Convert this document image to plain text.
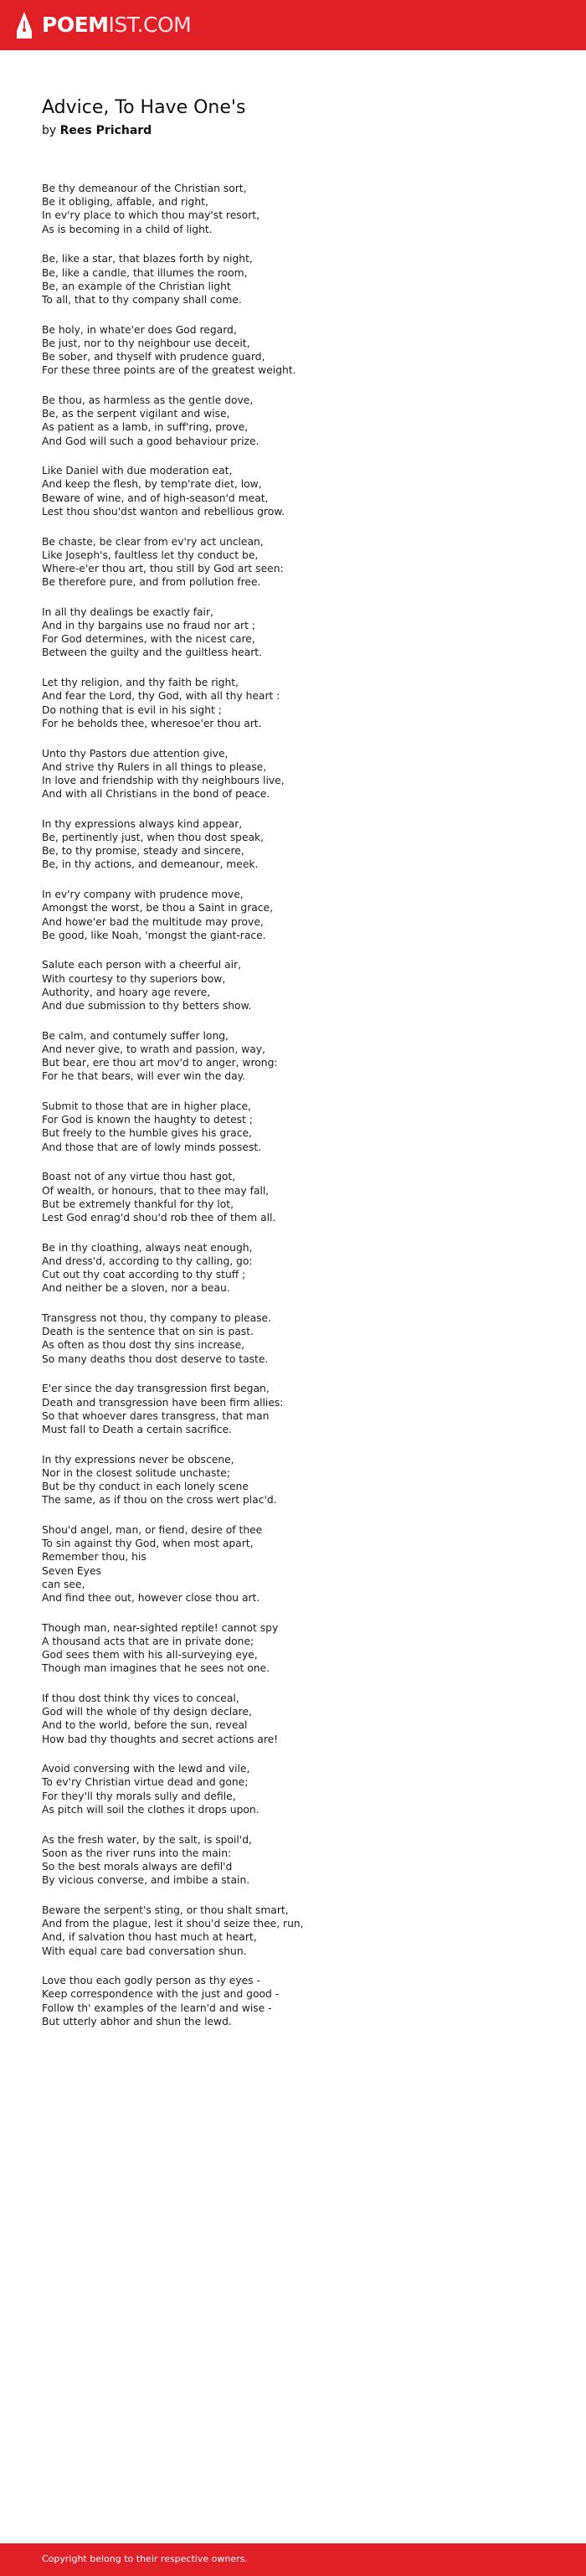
POEMIST.COM
Advice, To Have One's
by Rees Prichard
Be thy demeanour of the Christian sort,
Be it obliging, affable, and right,
In ev'ry place to which thou may'st resort,
As is becoming in a child of light.
Be, like a star, that blazes forth by night,
Be, like a candle, that illumes the room,
Be, an example of the Christian light
To all, that to thy company shall come.
Be holy, in whate'er does God regard,
Be just, nor to thy neighbour use deceit,
Be sober, and thyself with prudence guard,
For these three points are of the greatest weight.
Be thou, as harmless as the gentle dove,
Be, as the serpent vigilant and wise,
As patient as a lamb, in suff'ring, prove,
And God will such a good behaviour prize.
Like Daniel with due moderation eat,
And keep the flesh, by temp'rate diet, low,
Beware of wine, and of high-season'd meat,
Lest thou shou'dst wanton and rebellious grow.
Be chaste, be clear from ev'ry act unclean,
Like Joseph's, faultless let thy conduct be,
Where-e'er thou art, thou still by God art seen:
Be therefore pure, and from pollution free.
In all thy dealings be exactly fair,
And in thy bargains use no fraud nor art ;
For God determines, with the nicest care,
Between the guilty and the guiltless heart.
Let thy religion, and thy faith be right,
And fear the Lord, thy God, with all thy heart :
Do nothing that is evil in his sight ;
For he beholds thee, wheresoe'er thou art.
Unto thy Pastors due attention give,
And strive thy Rulers in all things to please,
In love and friendship with thy neighbours live,
And with all Christians in the bond of peace.
In thy expressions always kind appear,
Be, pertinently just, when thou dost speak,
Be, to thy promise, steady and sincere,
Be, in thy actions, and demeanour, meek.
In ev'ry company with prudence move,
Amongst the worst, be thou a Saint in grace,
And howe'er bad the multitude may prove,
Be good, like Noah, 'mongst the giant-race.
Salute each person with a cheerful air,
With courtesy to thy superiors bow,
Authority, and hoary age revere,
And due submission to thy betters show.
Be calm, and contumely suffer long,
And never give, to wrath and passion, way,
But bear, ere thou art mov'd to anger, wrong:
For he that bears, will ever win the day.
Submit to those that are in higher place,
For God is known the haughty to detest ;
But freely to the humble gives his grace,
And those that are of lowly minds possest.
Boast not of any virtue thou hast got,
Of wealth, or honours, that to thee may fall,
But be extremely thankful for thy lot,
Lest God enrag'd shou'd rob thee of them all.
Be in thy cloathing, always neat enough,
And dress'd, according to thy calling, go:
Cut out thy coat according to thy stuff ;
And neither be a sloven, nor a beau.
Transgress not thou, thy company to please.
Death is the sentence that on sin is past.
As often as thou dost thy sins increase,
So many deaths thou dost deserve to taste.
E'er since the day transgression first began,
Death and transgression have been firm allies:
So that whoever dares transgress, that man
Must fall to Death a certain sacrifice.
In thy expressions never be obscene,
Nor in the closest solitude unchaste;
But be thy conduct in each lonely scene
The same, as if thou on the cross wert plac'd.
Shou'd angel, man, or fiend, desire of thee
To sin against thy God, when most apart,
Remember thou, his
Seven Eyes
can see,
And find thee out, however close thou art.
Though man, near-sighted reptile! cannot spy
A thousand acts that are in private done;
God sees them with his all-surveying eye,
Though man imagines that he sees not one.
If thou dost think thy vices to conceal,
God will the whole of thy design declare,
And to the world, before the sun, reveal
How bad thy thoughts and secret actions are!
Avoid conversing with the lewd and vile,
To ev'ry Christian virtue dead and gone;
For they'll thy morals sully and defile,
As pitch will soil the clothes it drops upon.
As the fresh water, by the salt, is spoil'd,
Soon as the river runs into the main:
So the best morals always are defil'd
By vicious converse, and imbibe a stain.
Beware the serpent's sting, or thou shalt smart,
And from the plague, lest it shou'd seize thee, run,
And, if salvation thou hast much at heart,
With equal care bad conversation shun.
Love thou each godly person as thy eyes -
Keep correspondence with the just and good -
Follow th' examples of the learn'd and wise -
But utterly abhor and shun the lewd.
Copyright belong to their respective owners.
